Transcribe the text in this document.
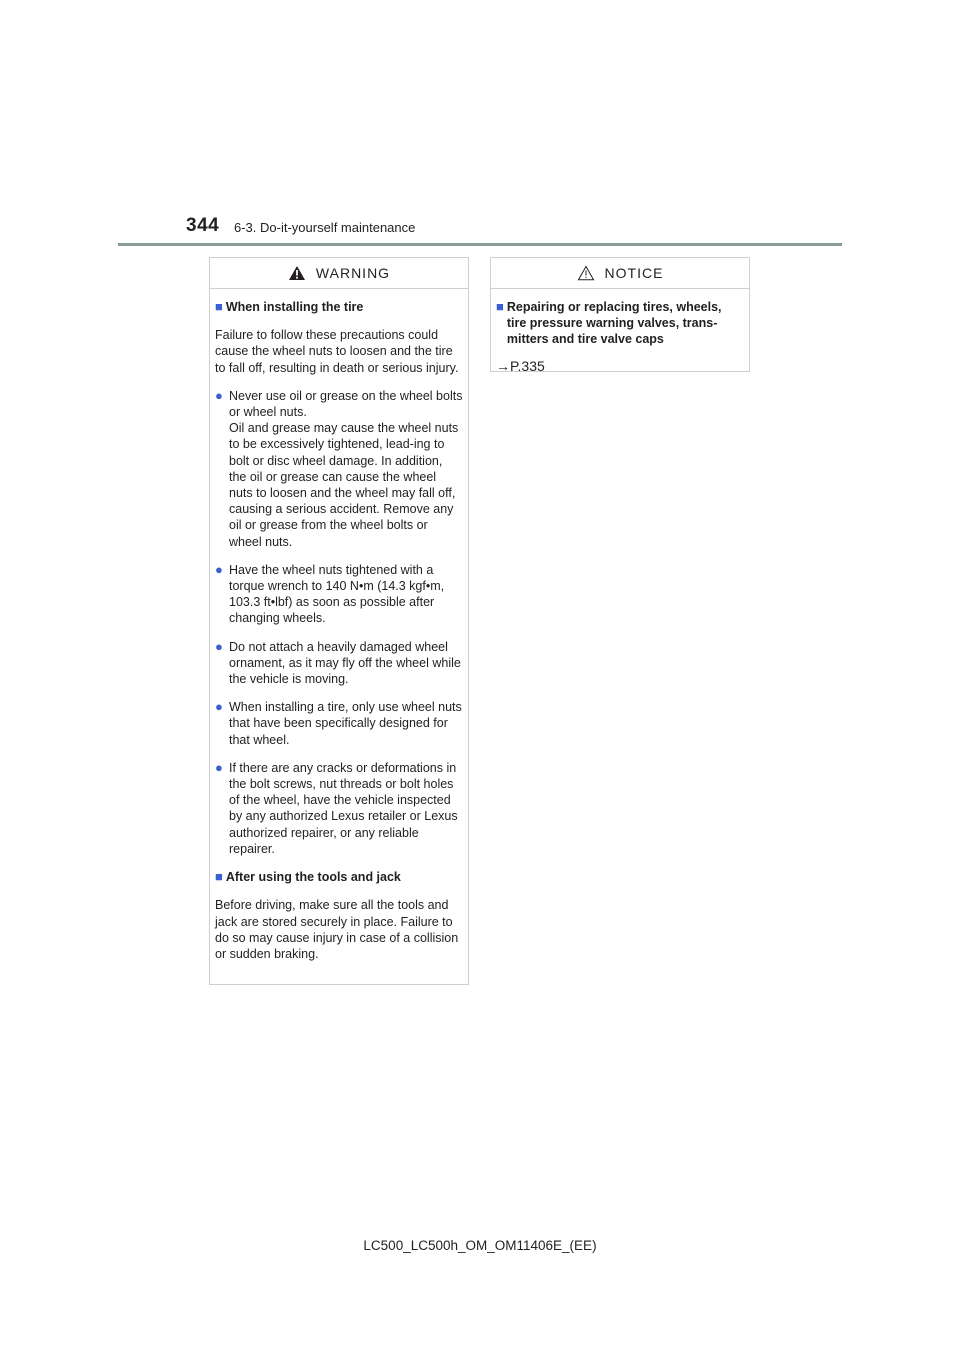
344 6-3. Do-it-yourself maintenance
WARNING
■ When installing the tire

Failure to follow these precautions could cause the wheel nuts to loosen and the tire to fall off, resulting in death or serious injury.

● Never use oil or grease on the wheel bolts or wheel nuts.
Oil and grease may cause the wheel nuts to be excessively tightened, lead-ing to bolt or disc wheel damage. In addition, the oil or grease can cause the wheel nuts to loosen and the wheel may fall off, causing a serious accident. Remove any oil or grease from the wheel bolts or wheel nuts.
● Have the wheel nuts tightened with a torque wrench to 140 N•m (14.3 kgf•m, 103.3 ft•lbf) as soon as possible after changing wheels.
● Do not attach a heavily damaged wheel ornament, as it may fly off the wheel while the vehicle is moving.
● When installing a tire, only use wheel nuts that have been specifically designed for that wheel.
● If there are any cracks or deformations in the bolt screws, nut threads or bolt holes of the wheel, have the vehicle inspected by any authorized Lexus retailer or Lexus authorized repairer, or any reliable repairer.
■ After using the tools and jack

Before driving, make sure all the tools and jack are stored securely in place. Failure to do so may cause injury in case of a collision or sudden braking.

NOTICE
■ Repairing or replacing tires, wheels, tire pressure warning valves, trans-mitters and tire valve caps
→P.335
LC500_LC500h_OM_OM11406E_(EE)
